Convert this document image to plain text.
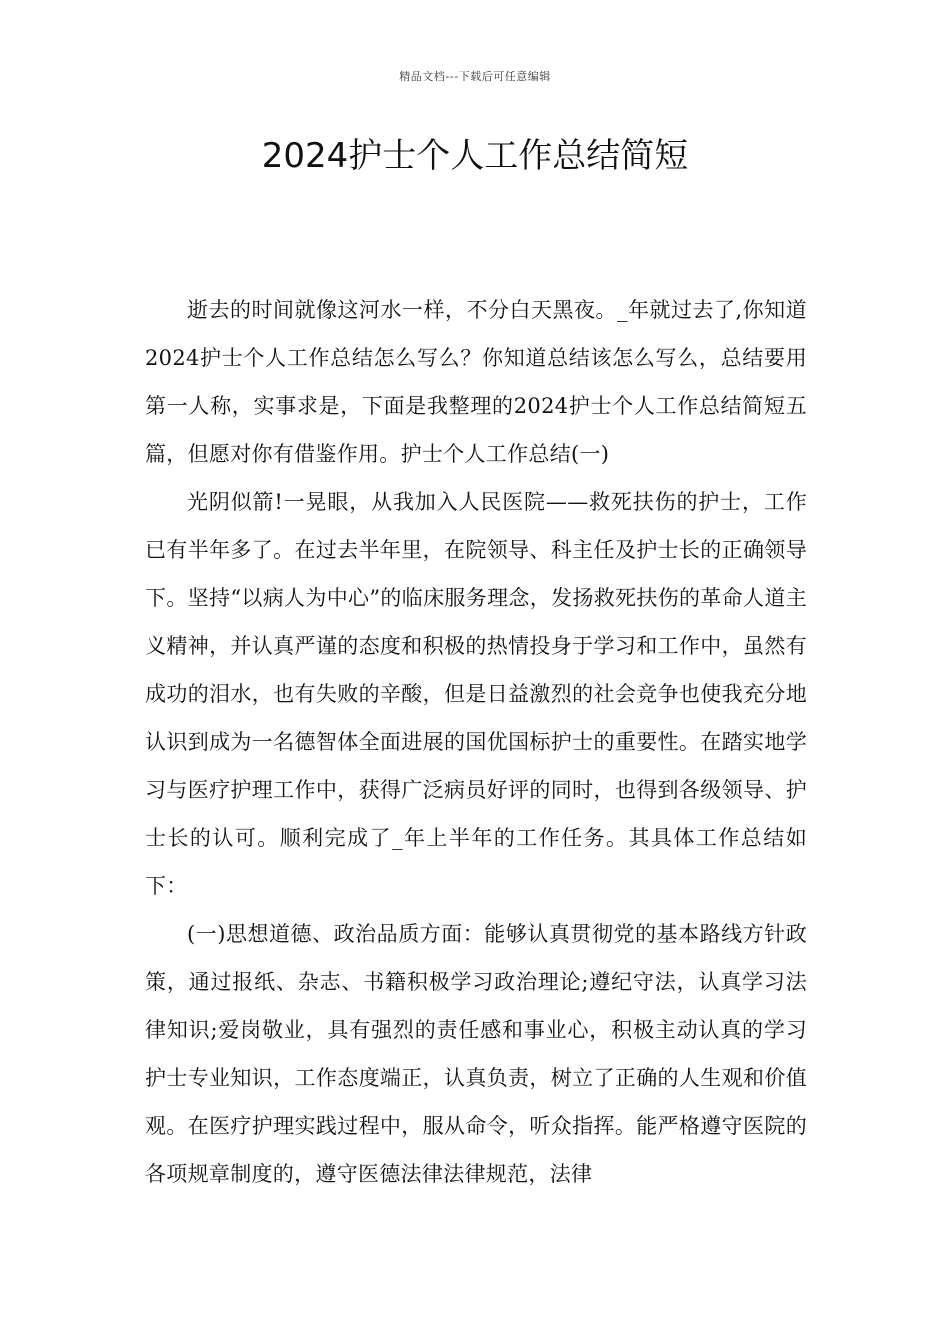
精品文档---下载后可任意编辑
2024护士个人工作总结简短

逝去的时间就像这河水一样，不分白天黑夜。_年就过去了,你知道2024护士个人工作总结怎么写么？你知道总结该怎么写么，总结要用第一人称，实事求是，下面是我整理的2024护士个人工作总结简短五篇，但愿对你有借鉴作用。护士个人工作总结(一)

光阴似箭!一晃眼，从我加入人民医院——救死扶伤的护士，工作已有半年多了。在过去半年里，在院领导、科主任及护士长的正确领导下。坚持“以病人为中心”的临床服务理念，发扬救死扶伤的革命人道主义精神，并认真严谨的态度和积极的热情投身于学习和工作中，虽然有成功的泪水，也有失败的辛酸，但是日益激烈的社会竞争也使我充分地认识到成为一名德智体全面进展的国优国标护士的重要性。在踏实地学习与医疗护理工作中，获得广泛病员好评的同时，也得到各级领导、护士长的认可。顺利完成了_年上半年的工作任务。其具体工作总结如下：

(一)思想道德、政治品质方面：能够认真贯彻党的基本路线方针政策，通过报纸、杂志、书籍积极学习政治理论;遵纪守法，认真学习法律知识;爱岗敬业，具有强烈的责任感和事业心，积极主动认真的学习护士专业知识，工作态度端正，认真负责，树立了正确的人生观和价值观。在医疗护理实践过程中，服从命令，听众指挥。能严格遵守医院的各项规章制度的，遵守医德法律法律规范，法律
